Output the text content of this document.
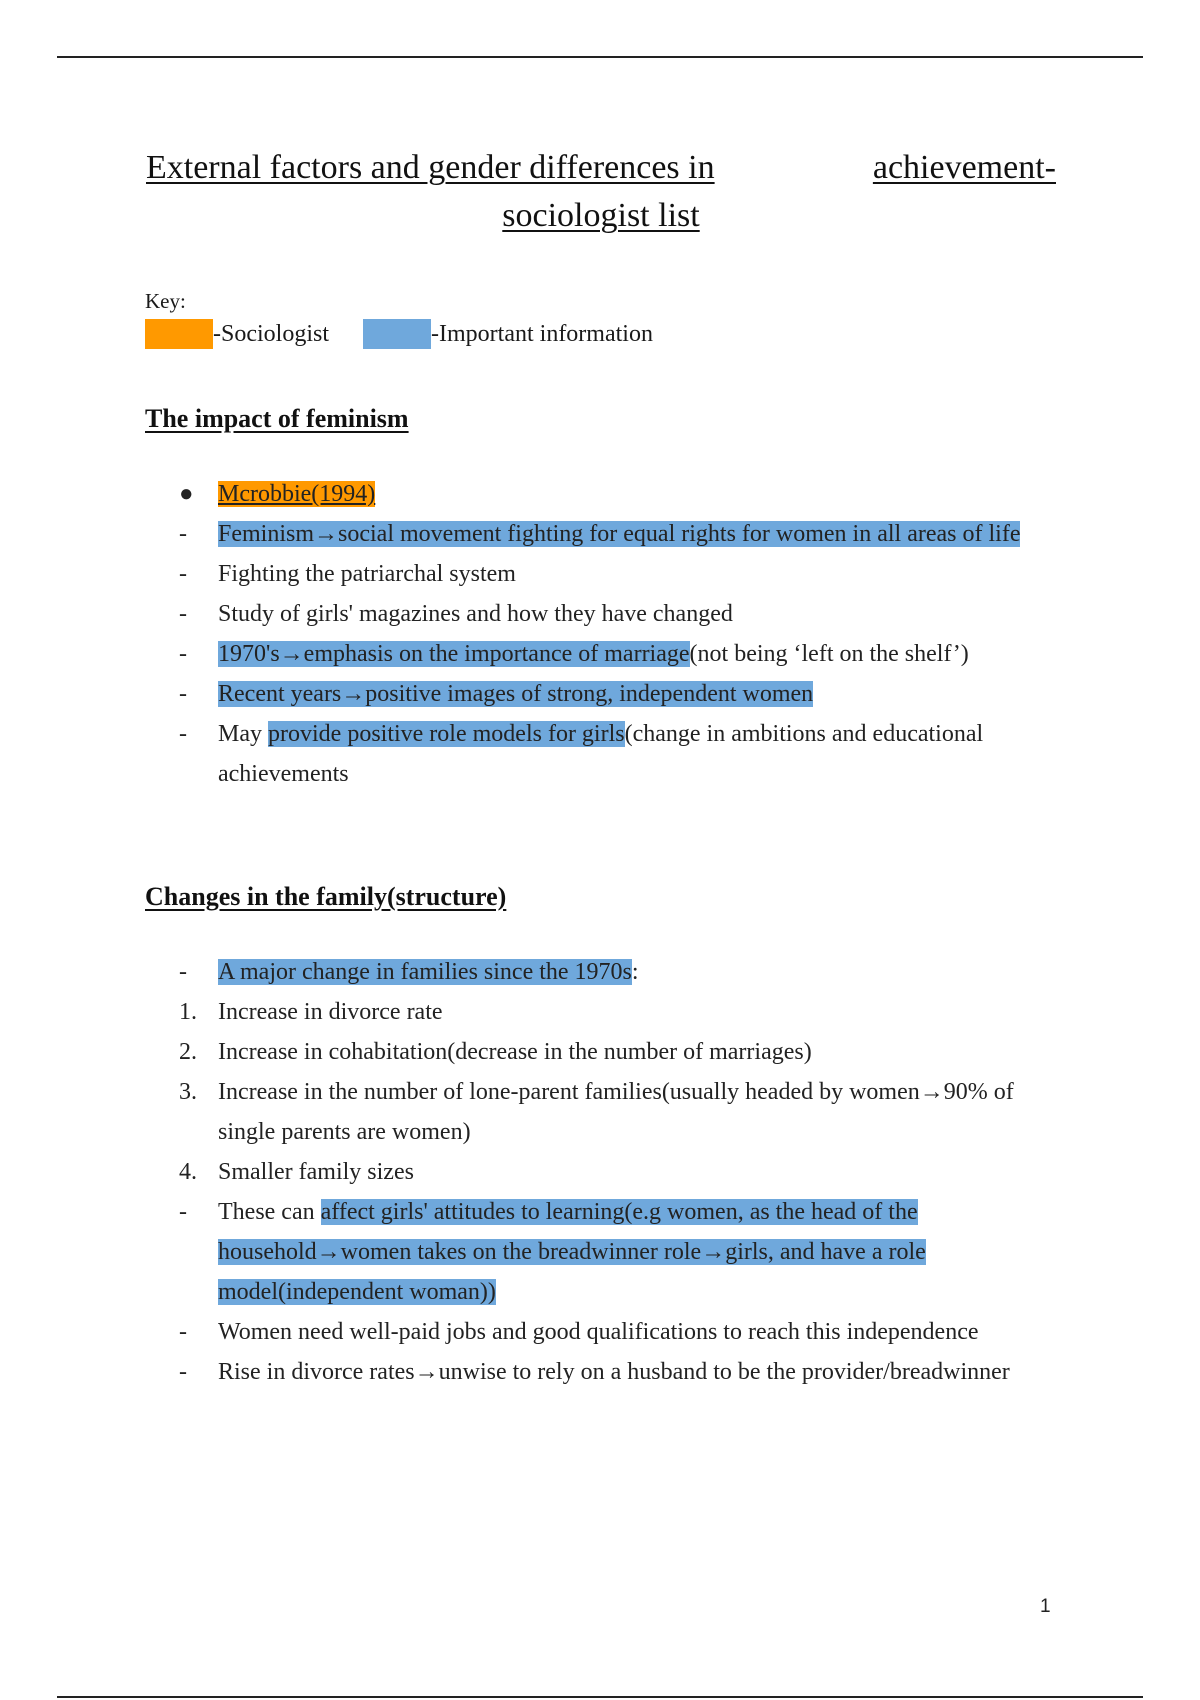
External factors and gender differences in	achievement-
sociologist list
Key:
-Sociologist	-Important information
The impact of feminism
●	Mcrobbie(1994)
-	Feminism→social movement fighting for equal rights for women in all areas of life
-	Fighting the patriarchal system
-	Study of girls' magazines and how they have changed
-	1970's→emphasis on the importance of marriage(not being ‘left on the shelf’)
-	Recent years→positive images of strong, independent women
-	May provide positive role models for girls(change in ambitions and educational achievements
Changes in the family(structure)
-	A major change in families since the 1970s:
1. Increase in divorce rate
2. Increase in cohabitation(decrease in the number of marriages)
3. Increase in the number of lone-parent families(usually headed by women→90% of single parents are women)
4. Smaller family sizes
-	These can affect girls' attitudes to learning(e.g women, as the head of the household→women takes on the breadwinner role→girls, and have a role model(independent woman))
-	Women need well-paid jobs and good qualifications to reach this independence
-	Rise in divorce rates→unwise to rely on a husband to be the provider/breadwinner
1
